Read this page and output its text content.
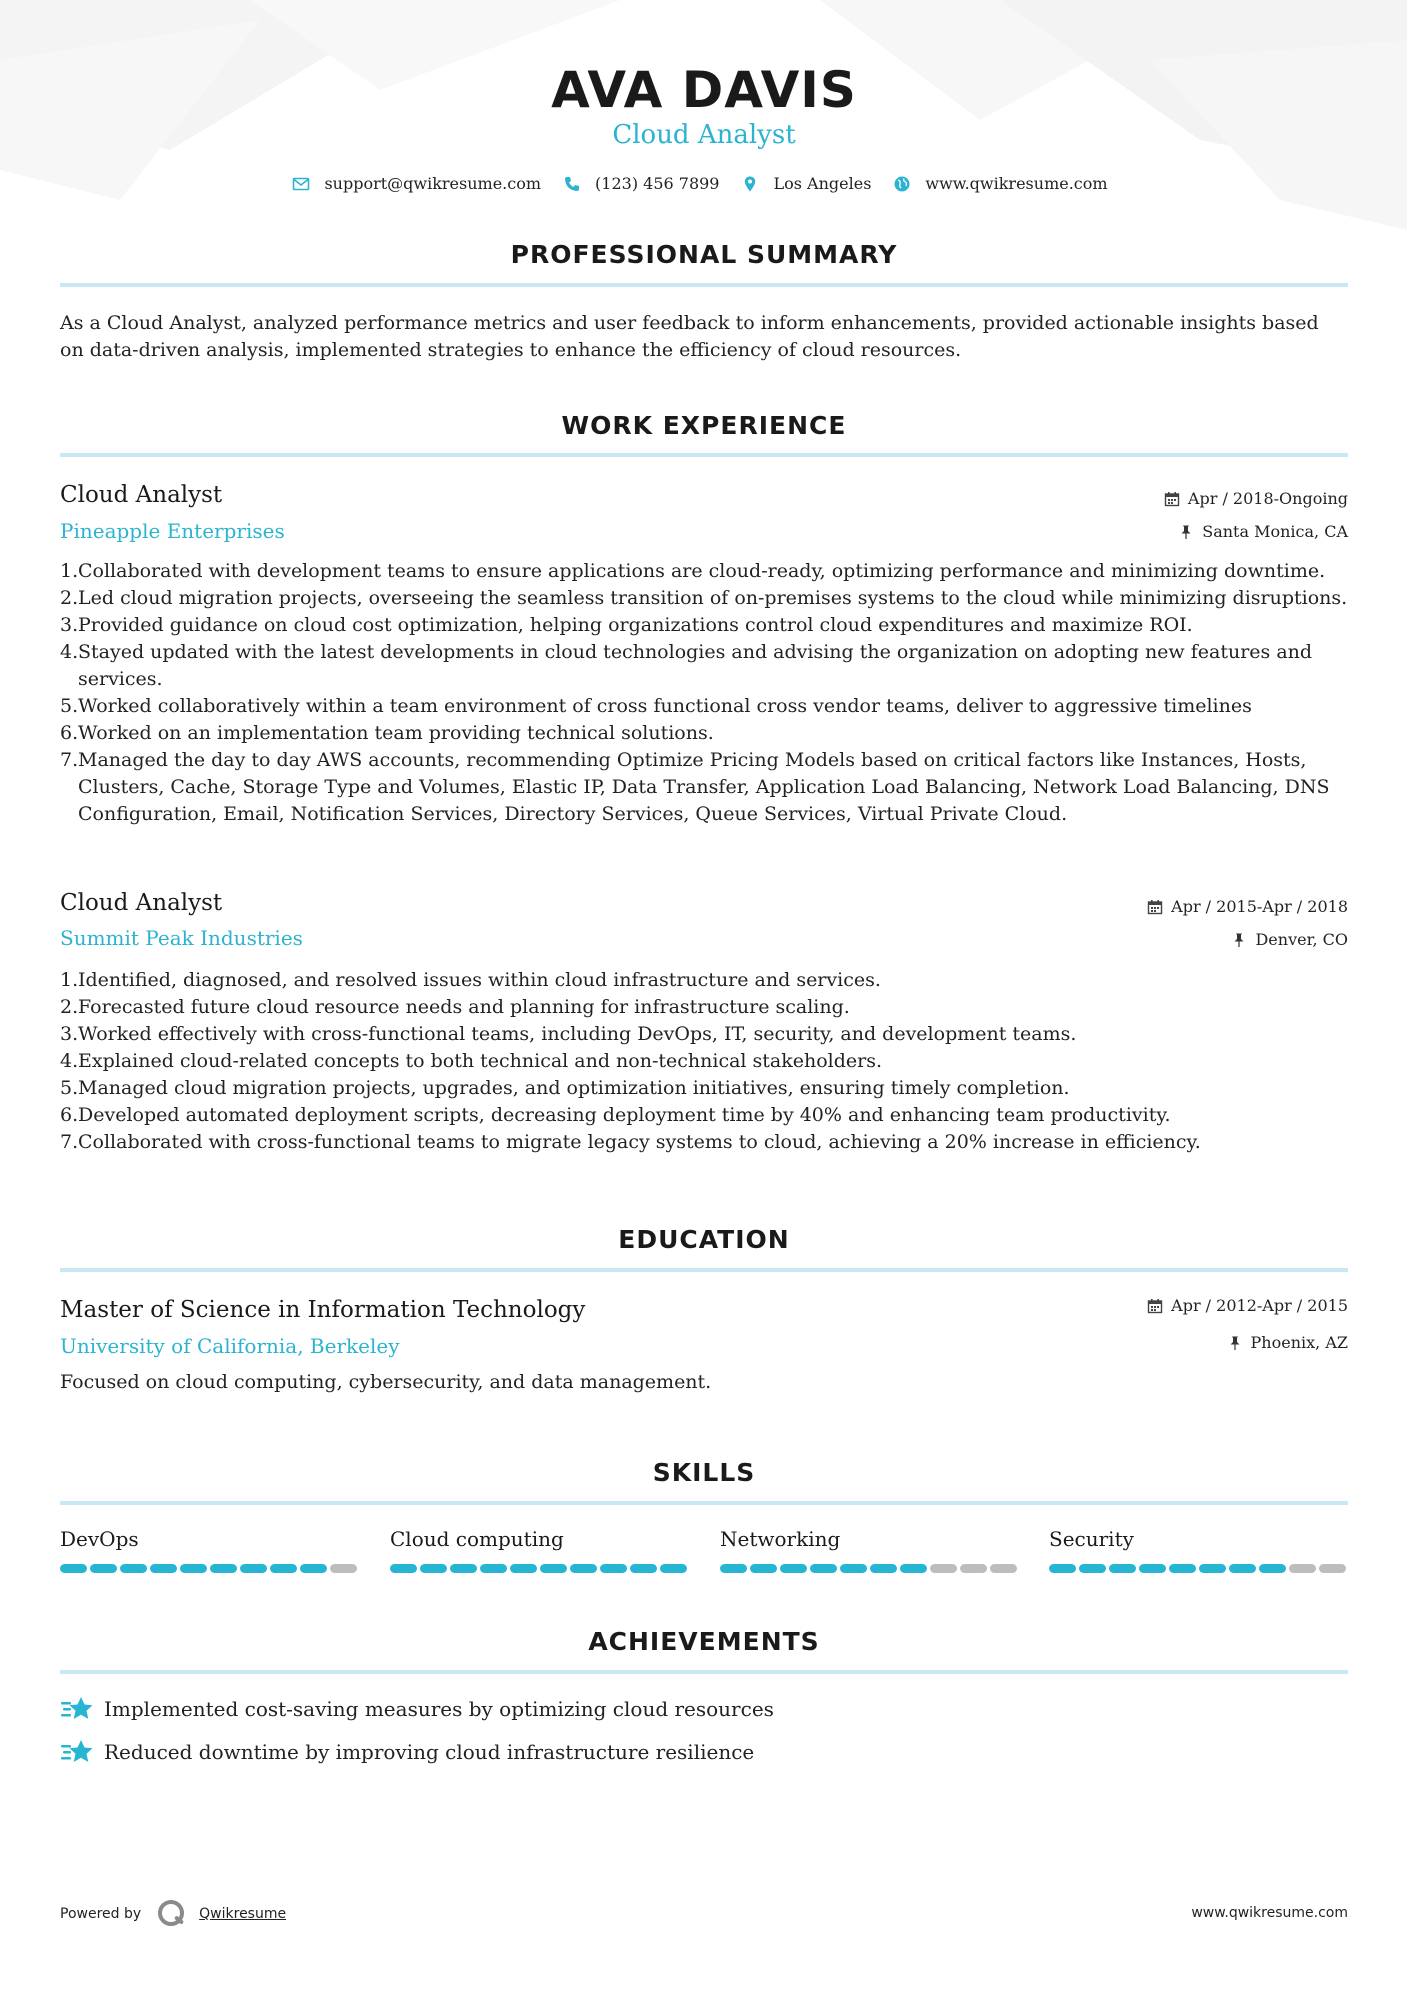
AVA DAVIS
Cloud Analyst
support@qwikresume.com	(123) 456 7899	Los Angeles	www.qwikresume.com
PROFESSIONAL SUMMARY

As a Cloud Analyst, analyzed performance metrics and user feedback to inform enhancements, provided actionable insights based on data-driven analysis, implemented strategies to enhance the efficiency of cloud resources.

WORK EXPERIENCE
Cloud Analyst
Pineapple Enterprises
Apr / 2018-Ongoing
Santa Monica, CA
1. Collaborated with development teams to ensure applications are cloud-ready, optimizing performance and minimizing downtime.
2. Led cloud migration projects, overseeing the seamless transition of on-premises systems to the cloud while minimizing disruptions.
3. Provided guidance on cloud cost optimization, helping organizations control cloud expenditures and maximize ROI.
4. Stayed updated with the latest developments in cloud technologies and advising the organization on adopting new features and services.
5. Worked collaboratively within a team environment of cross functional cross vendor teams, deliver to aggressive timelines
6. Worked on an implementation team providing technical solutions.
7. Managed the day to day AWS accounts, recommending Optimize Pricing Models based on critical factors like Instances, Hosts, Clusters, Cache, Storage Type and Volumes, Elastic IP, Data Transfer, Application Load Balancing, Network Load Balancing, DNS Configuration, Email, Notification Services, Directory Services, Queue Services, Virtual Private Cloud.
Cloud Analyst
Summit Peak Industries
Apr / 2015-Apr / 2018
Denver, CO
1. Identified, diagnosed, and resolved issues within cloud infrastructure and services.
2. Forecasted future cloud resource needs and planning for infrastructure scaling.
3. Worked effectively with cross-functional teams, including DevOps, IT, security, and development teams.
4. Explained cloud-related concepts to both technical and non-technical stakeholders.
5. Managed cloud migration projects, upgrades, and optimization initiatives, ensuring timely completion.
6. Developed automated deployment scripts, decreasing deployment time by 40% and enhancing team productivity.
7. Collaborated with cross-functional teams to migrate legacy systems to cloud, achieving a 20% increase in efficiency.
EDUCATION
Master of Science in Information Technology
University of California, Berkeley
Apr / 2012-Apr / 2015
Phoenix, AZ

Focused on cloud computing, cybersecurity, and data management.

SKILLS
DevOps	Cloud computing	Networking	Security
ACHIEVEMENTS
Implemented cost-saving measures by optimizing cloud resources
Reduced downtime by improving cloud infrastructure resilience
Powered by	Qwikresume	www.qwikresume.com
